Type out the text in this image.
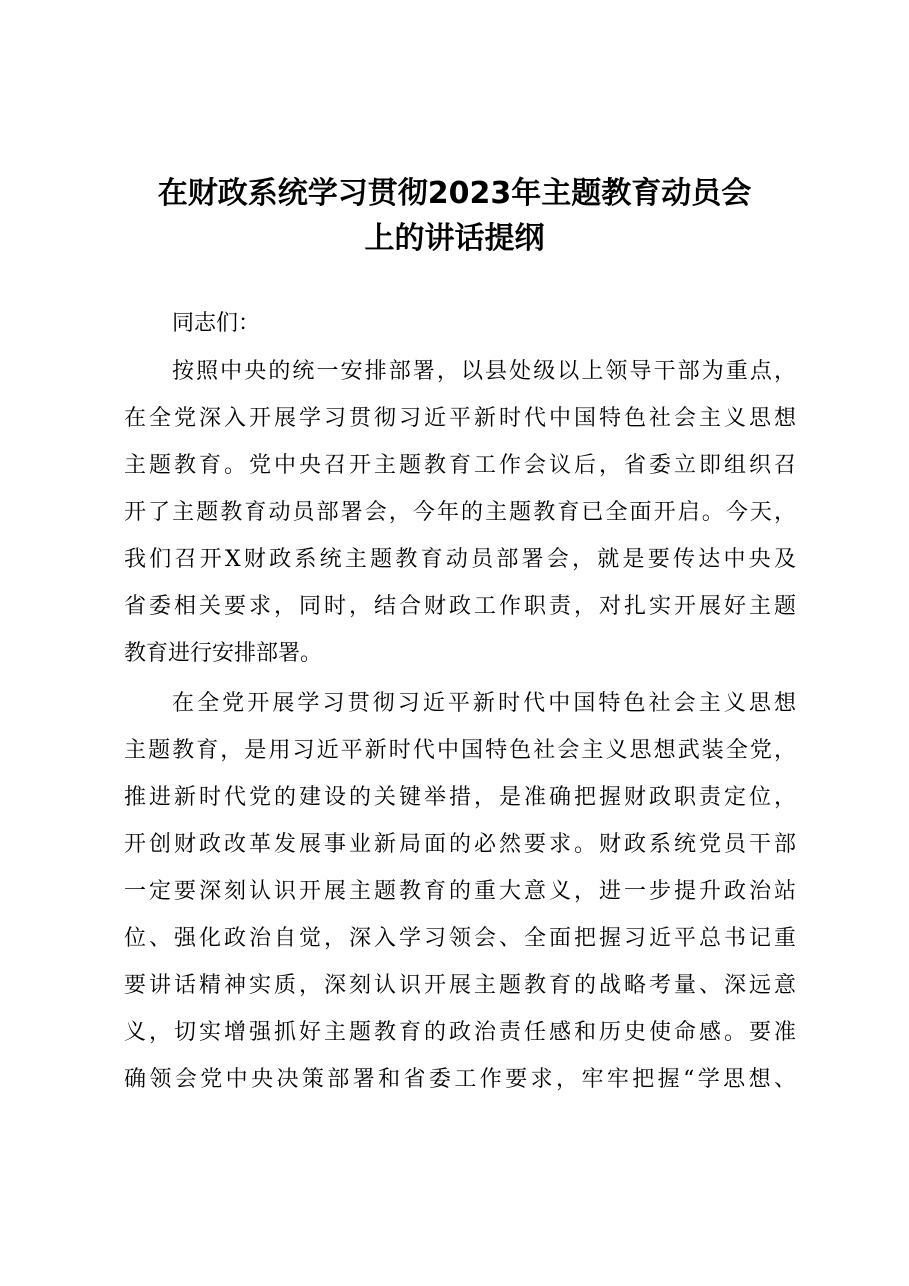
在财政系统学习贯彻2023年主题教育动员会
上的讲话提纲
同志们：
按照中央的统一安排部署，以县处级以上领导干部为重点，
在全党深入开展学习贯彻习近平新时代中国特色社会主义思想
主题教育。党中央召开主题教育工作会议后，省委立即组织召
开了主题教育动员部署会，今年的主题教育已全面开启。今天，
我们召开X财政系统主题教育动员部署会，就是要传达中央及
省委相关要求，同时，结合财政工作职责，对扎实开展好主题
教育进行安排部署。
在全党开展学习贯彻习近平新时代中国特色社会主义思想
主题教育，是用习近平新时代中国特色社会主义思想武装全党，
推进新时代党的建设的关键举措，是准确把握财政职责定位，
开创财政改革发展事业新局面的必然要求。财政系统党员干部
一定要深刻认识开展主题教育的重大意义，进一步提升政治站
位、强化政治自觉，深入学习领会、全面把握习近平总书记重
要讲话精神实质，深刻认识开展主题教育的战略考量、深远意
义，切实增强抓好主题教育的政治责任感和历史使命感。要准
确领会党中央决策部署和省委工作要求，牢牢把握“学思想、
